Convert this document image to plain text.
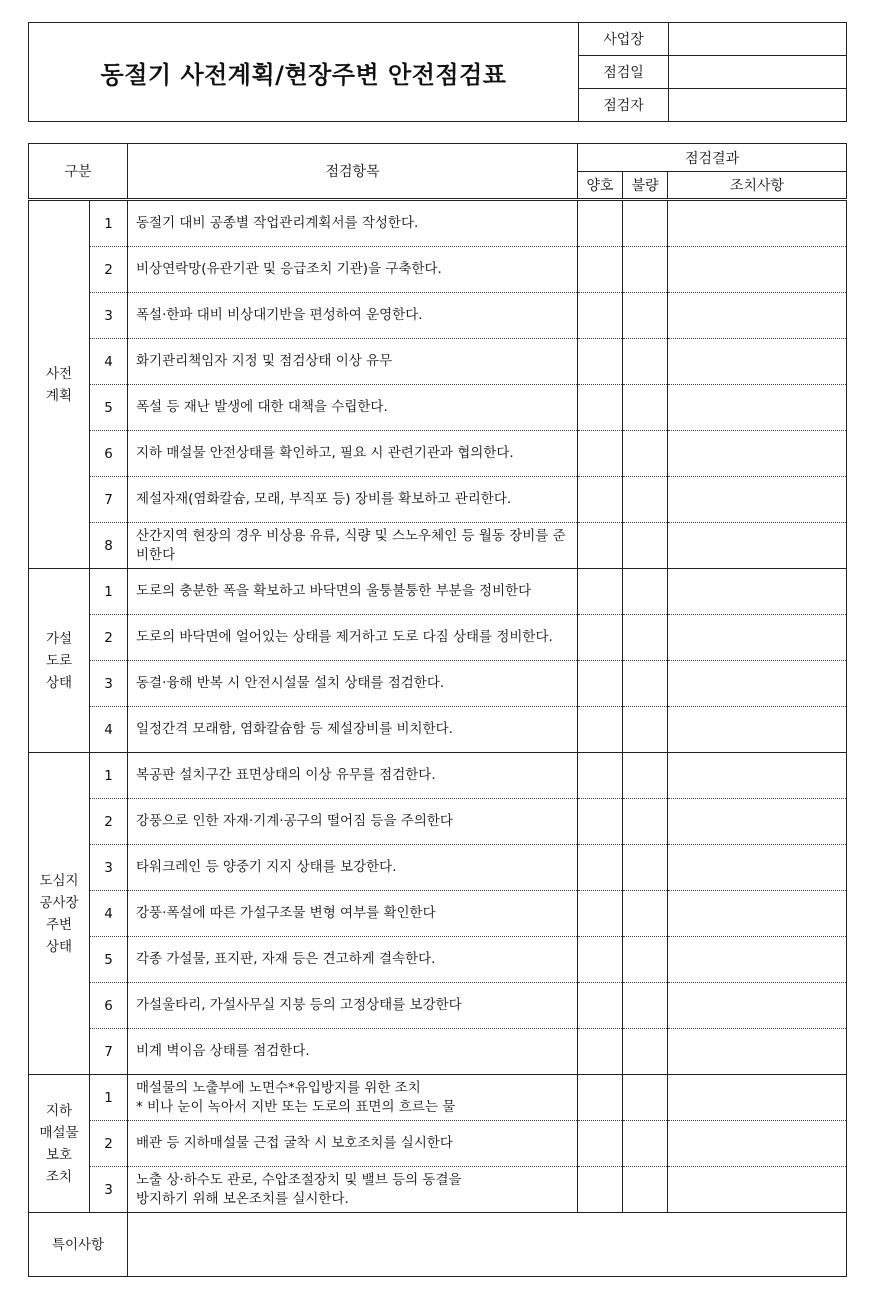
동절기 사전계획/현장주변 안전점검표	사업장	
	점검일	
	점검자	
구분		점검항목	점검결과		
			양호	불량	조치사항
사전
계획	1	동절기 대비 공종별 작업관리계획서를 작성한다.			
	2	비상연락망(유관기관 및 응급조치 기관)을 구축한다.			
	3	폭설·한파 대비 비상대기반을 편성하여 운영한다.			
	4	화기관리책임자 지정 및 점검상태 이상 유무			
	5	폭설 등 재난 발생에 대한 대책을 수립한다.			
	6	지하 매설물 안전상태를 확인하고, 필요 시 관련기관과 협의한다.			
	7	제설자재(염화칼슘, 모래, 부직포 등) 장비를 확보하고 관리한다.			
	8	산간지역 현장의 경우 비상용 유류, 식량 및 스노우체인 등 월동 장비를 준비한다			
가설
도로
상태	1	도로의 충분한 폭을 확보하고 바닥면의 울퉁불퉁한 부분을 정비한다			
	2	도로의 바닥면에 얼어있는 상태를 제거하고 도로 다짐 상태를 정비한다.			
	3	동결·융해 반복 시 안전시설물 설치 상태를 점검한다.			
	4	일정간격 모래함, 염화칼슘함 등 제설장비를 비치한다.			
도심지
공사장
주변
상태	1	복공판 설치구간 표면상태의 이상 유무를 점검한다.			
	2	강풍으로 인한 자재·기계·공구의 떨어짐 등을 주의한다			
	3	타워크레인 등 양중기 지지 상태를 보강한다.			
	4	강풍·폭설에 따른 가설구조물 변형 여부를 확인한다			
	5	각종 가설물, 표지판, 자재 등은 견고하게 결속한다.			
	6	가설울타리, 가설사무실 지붕 등의 고정상태를 보강한다			
	7	비계 벽이음 상태를 점검한다.			
지하
매설물
보호
조치	1	매설물의 노출부에 노면수*유입방지를 위한 조치
* 비나 눈이 녹아서 지반 또는 도로의 표면의 흐르는 물			
	2	배관 등 지하매설물 근접 굴착 시 보호조치를 실시한다			
	3	노출 상·하수도 관로, 수압조절장치 및 밸브 등의 동결을
방지하기 위해 보온조치를 실시한다.			
특이사항					
